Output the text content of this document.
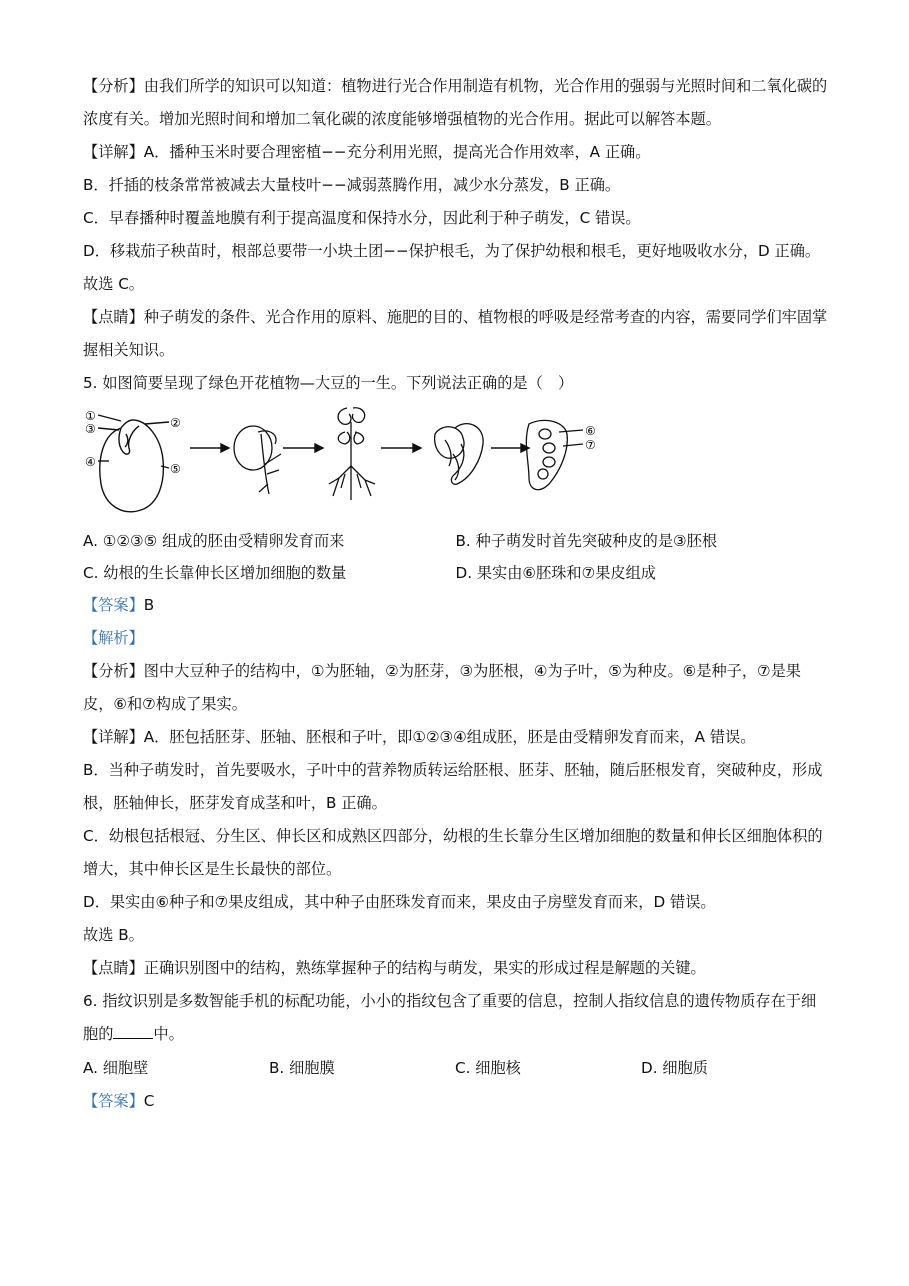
【分析】由我们所学的知识可以知道：植物进行光合作用制造有机物，光合作用的强弱与光照时间和二氧化碳的浓度有关。增加光照时间和增加二氧化碳的浓度能够增强植物的光合作用。据此可以解答本题。

【详解】A．播种玉米时要合理密植−−充分利用光照，提高光合作用效率，A 正确。

B．扦插的枝条常常被减去大量枝叶−−减弱蒸腾作用，减少水分蒸发，B 正确。

C．早春播种时覆盖地膜有利于提高温度和保持水分，因此利于种子萌发，C 错误。

D．移栽茄子秧苗时，根部总要带一小块土团−−保护根毛，为了保护幼根和根毛，更好地吸收水分，D 正确。

故选 C。

【点睛】种子萌发的条件、光合作用的原料、施肥的目的、植物根的呼吸是经常考查的内容，需要同学们牢固掌握相关知识。

5. 如图简要呈现了绿色开花植物—大豆的一生。下列说法正确的是（　）

①
③	②
④	⑤
⑥
⑦
A. ①②③⑤ 组成的胚由受精卵发育而来	B. 种子萌发时首先突破种皮的是③胚根
C. 幼根的生长靠伸长区增加细胞的数量	D. 果实由⑥胚珠和⑦果皮组成
【答案】B
【解析】

【分析】图中大豆种子的结构中，①为胚轴，②为胚芽，③为胚根，④为子叶，⑤为种皮。⑥是种子，⑦是果皮，⑥和⑦构成了果实。

【详解】A．胚包括胚芽、胚轴、胚根和子叶，即①②③④组成胚，胚是由受精卵发育而来，A 错误。

B．当种子萌发时，首先要吸水，子叶中的营养物质转运给胚根、胚芽、胚轴，随后胚根发育，突破种皮，形成根，胚轴伸长，胚芽发育成茎和叶，B 正确。

C．幼根包括根冠、分生区、伸长区和成熟区四部分，幼根的生长靠分生区增加细胞的数量和伸长区细胞体积的增大，其中伸长区是生长最快的部位。

D．果实由⑥种子和⑦果皮组成，其中种子由胚珠发育而来，果皮由子房壁发育而来，D 错误。

故选 B。

【点睛】正确识别图中的结构，熟练掌握种子的结构与萌发，果实的形成过程是解题的关键。

6. 指纹识别是多数智能手机的标配功能，小小的指纹包含了重要的信息，控制人指纹信息的遗传物质存在于细胞的	中。

A. 细胞壁	B. 细胞膜	C. 细胞核	D. 细胞质
【答案】C
